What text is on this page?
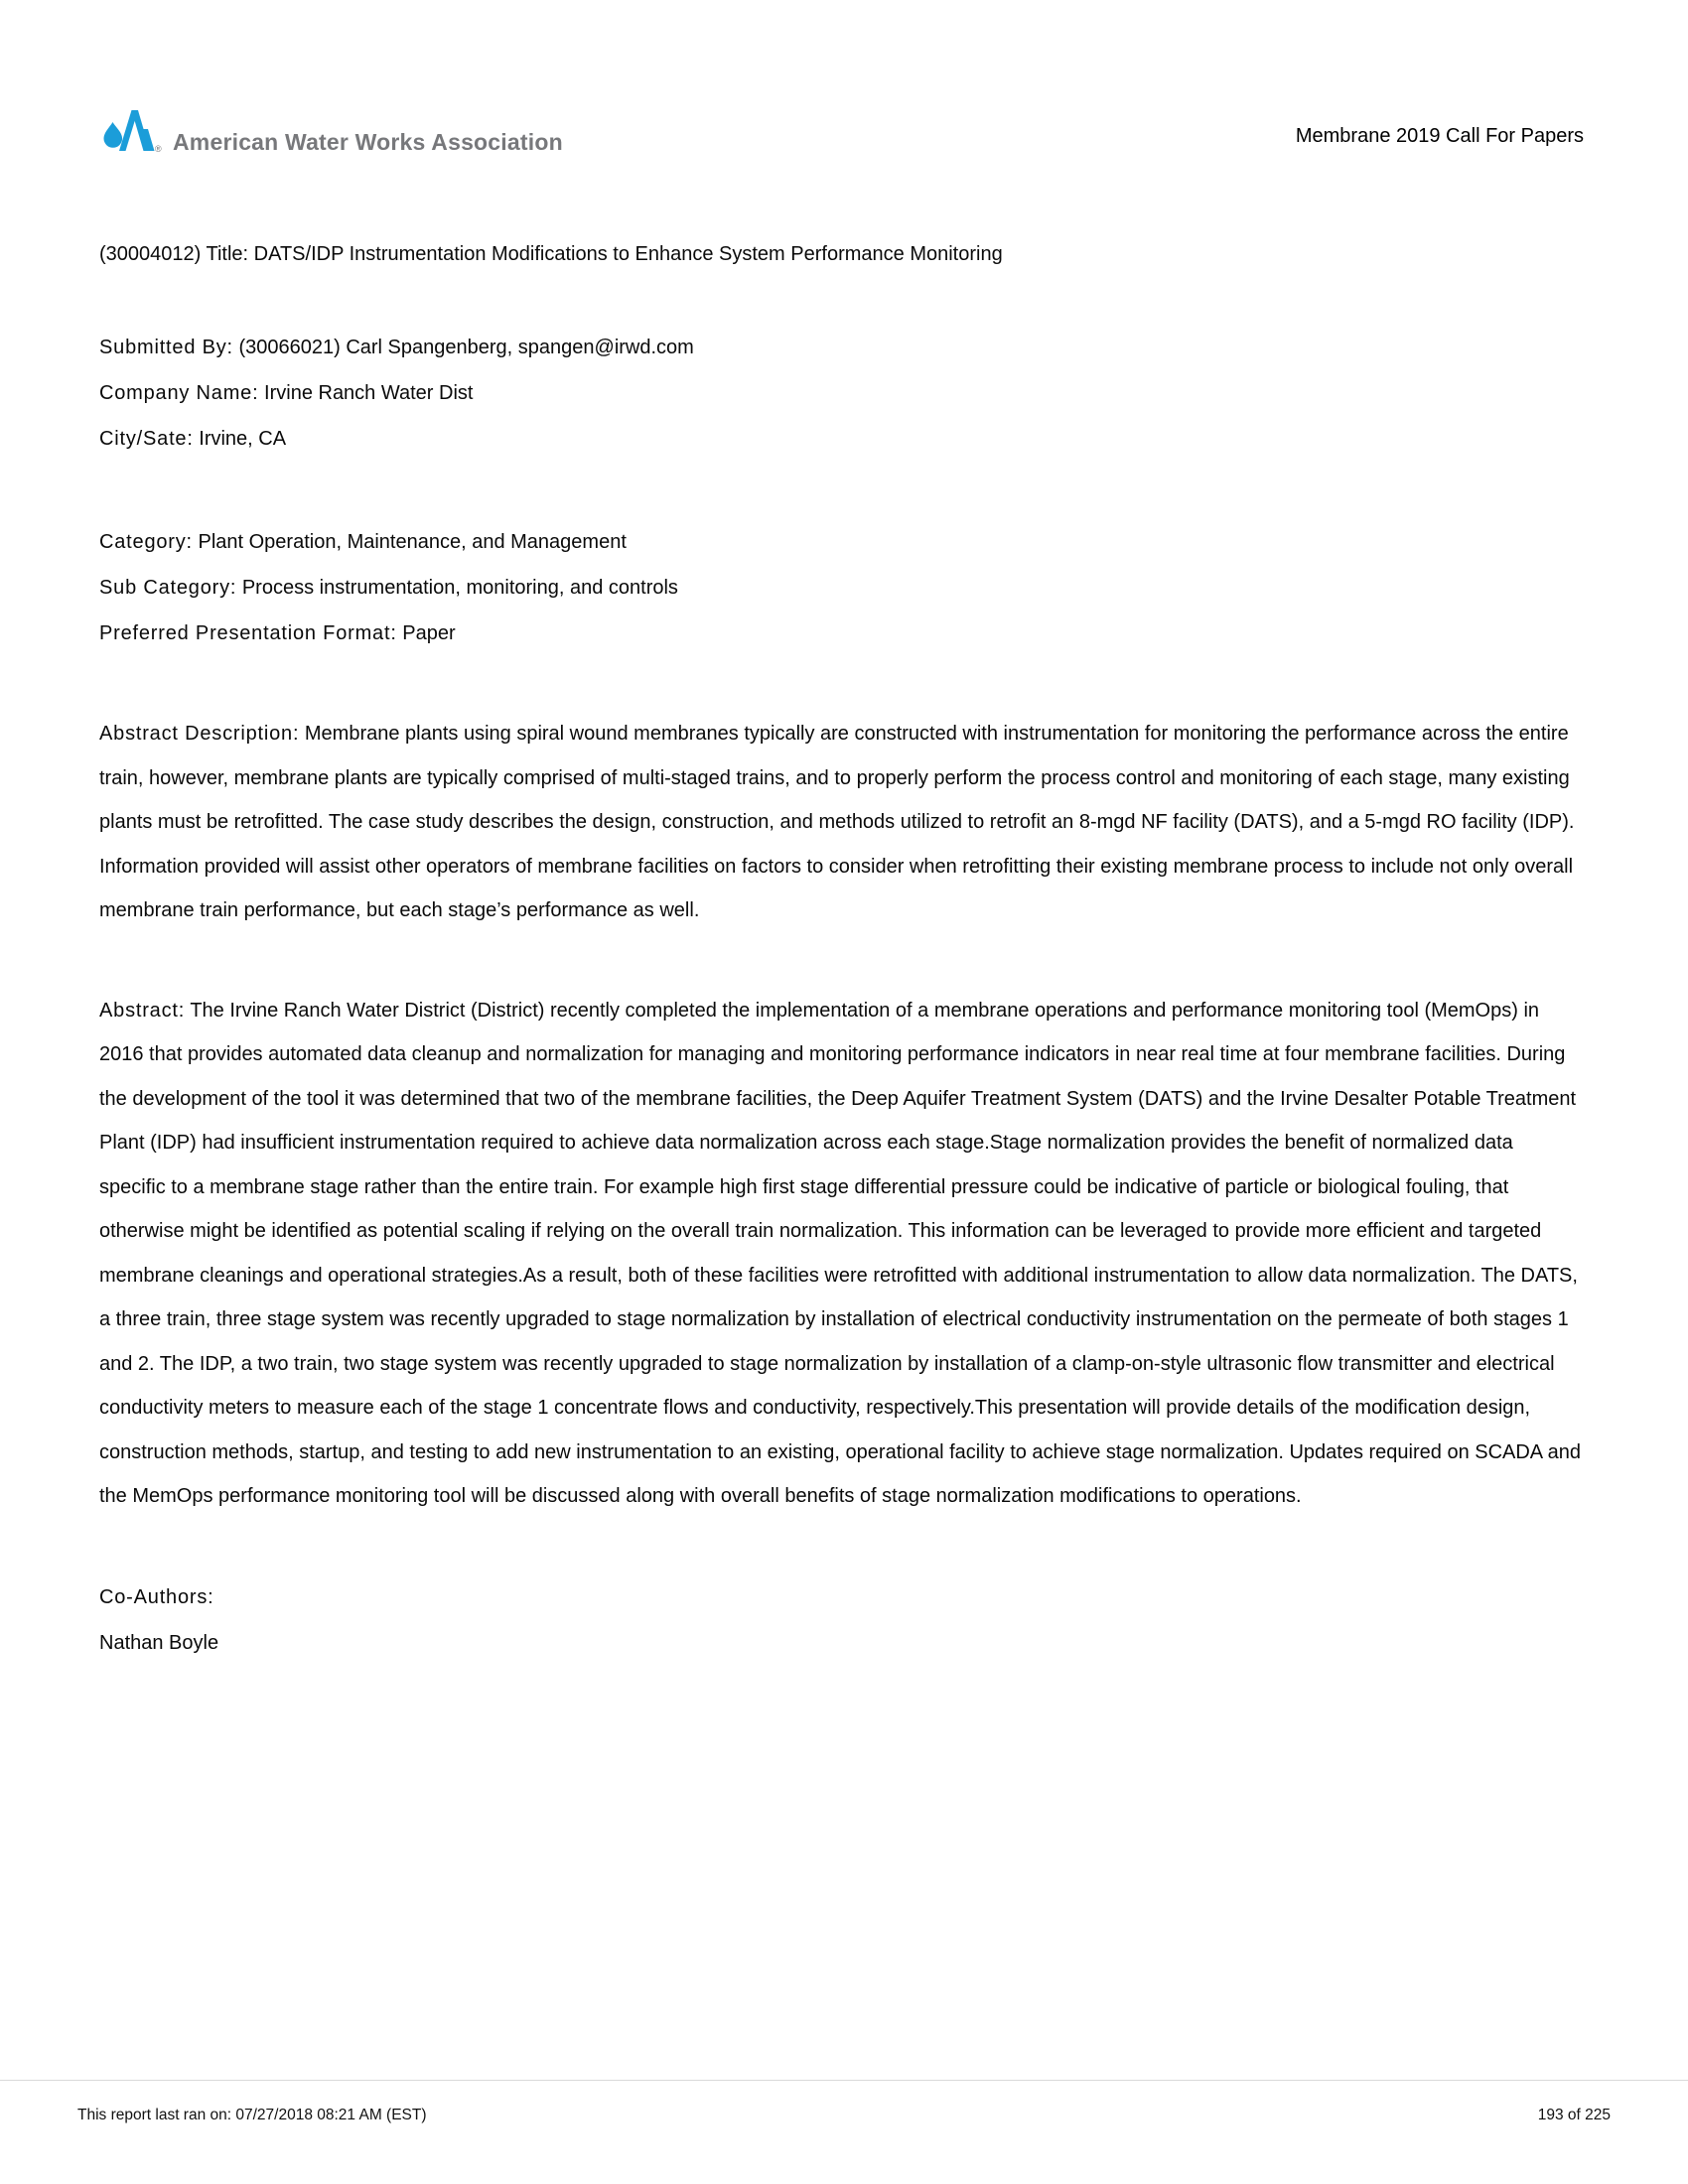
® American Water Works Association	Membrane 2019 Call For Papers

(30004012) Title: DATS/IDP Instrumentation Modifications to Enhance System Performance Monitoring

Submitted By: (30066021) Carl Spangenberg, spangen@irwd.com
Company Name: Irvine Ranch Water Dist
City/Sate: Irvine, CA
Category: Plant Operation, Maintenance, and Management
Sub Category: Process instrumentation, monitoring, and controls
Preferred Presentation Format: Paper

Abstract Description: Membrane plants using spiral wound membranes typically are constructed with instrumentation for monitoring the performance across the entire train, however, membrane plants are typically comprised of multi-staged trains, and to properly perform the process control and monitoring of each stage, many existing plants must be retrofitted. The case study describes the design, construction, and methods utilized to retrofit an 8-mgd NF facility (DATS), and a 5-mgd RO facility (IDP). Information provided will assist other operators of membrane facilities on factors to consider when retrofitting their existing membrane process to include not only overall membrane train performance, but each stage’s performance as well.

Abstract: The Irvine Ranch Water District (District) recently completed the implementation of a membrane operations and performance monitoring tool (MemOps) in 2016 that provides automated data cleanup and normalization for managing and monitoring performance indicators in near real time at four membrane facilities. During the development of the tool it was determined that two of the membrane facilities, the Deep Aquifer Treatment System (DATS) and the Irvine Desalter Potable Treatment Plant (IDP) had insufficient instrumentation required to achieve data normalization across each stage.Stage normalization provides the benefit of normalized data specific to a membrane stage rather than the entire train. For example high first stage differential pressure could be indicative of particle or biological fouling, that otherwise might be identified as potential scaling if relying on the overall train normalization. This information can be leveraged to provide more efficient and targeted membrane cleanings and operational strategies.As a result, both of these facilities were retrofitted with additional instrumentation to allow data normalization. The DATS, a three train, three stage system was recently upgraded to stage normalization by installation of electrical conductivity instrumentation on the permeate of both stages 1 and 2. The IDP, a two train, two stage system was recently upgraded to stage normalization by installation of a clamp-on-style ultrasonic flow transmitter and electrical conductivity meters to measure each of the stage 1 concentrate flows and conductivity, respectively.This presentation will provide details of the modification design, construction methods, startup, and testing to add new instrumentation to an existing, operational facility to achieve stage normalization. Updates required on SCADA and the MemOps performance monitoring tool will be discussed along with overall benefits of stage normalization modifications to operations.

Co-Authors:
Nathan Boyle
This report last ran on: 07/27/2018 08:21 AM (EST)	193 of 225
